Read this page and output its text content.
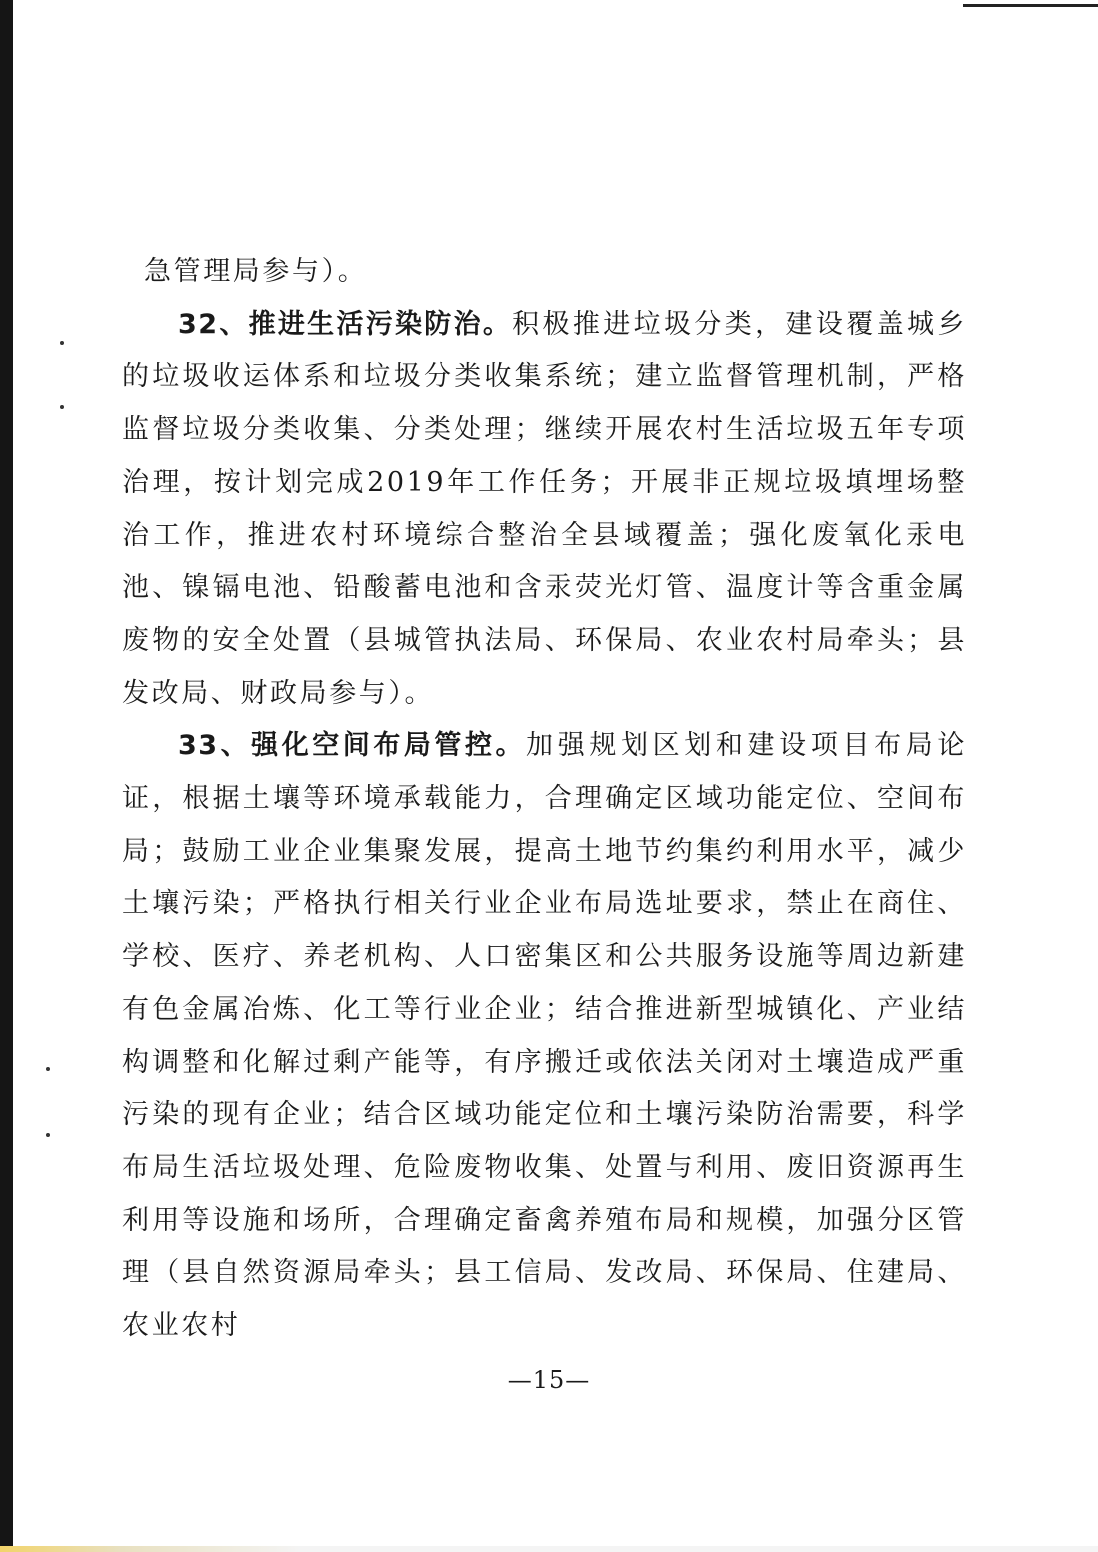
急管理局参与）。

32、推进生活污染防治。积极推进垃圾分类，建设覆盖城乡的垃圾收运体系和垃圾分类收集系统；建立监督管理机制，严格监督垃圾分类收集、分类处理；继续开展农村生活垃圾五年专项治理，按计划完成2019年工作任务；开展非正规垃圾填埋场整治工作，推进农村环境综合整治全县域覆盖；强化废氧化汞电池、镍镉电池、铅酸蓄电池和含汞荧光灯管、温度计等含重金属废物的安全处置（县城管执法局、环保局、农业农村局牵头；县发改局、财政局参与）。

33、强化空间布局管控。加强规划区划和建设项目布局论证，根据土壤等环境承载能力，合理确定区域功能定位、空间布局；鼓励工业企业集聚发展，提高土地节约集约利用水平，减少土壤污染；严格执行相关行业企业布局选址要求，禁止在商住、学校、医疗、养老机构、人口密集区和公共服务设施等周边新建有色金属冶炼、化工等行业企业；结合推进新型城镇化、产业结构调整和化解过剩产能等，有序搬迁或依法关闭对土壤造成严重污染的现有企业；结合区域功能定位和土壤污染防治需要，科学布局生活垃圾处理、危险废物收集、处置与利用、废旧资源再生利用等设施和场所，合理确定畜禽养殖布局和规模，加强分区管理（县自然资源局牵头；县工信局、发改局、环保局、住建局、农业农村

—15—
